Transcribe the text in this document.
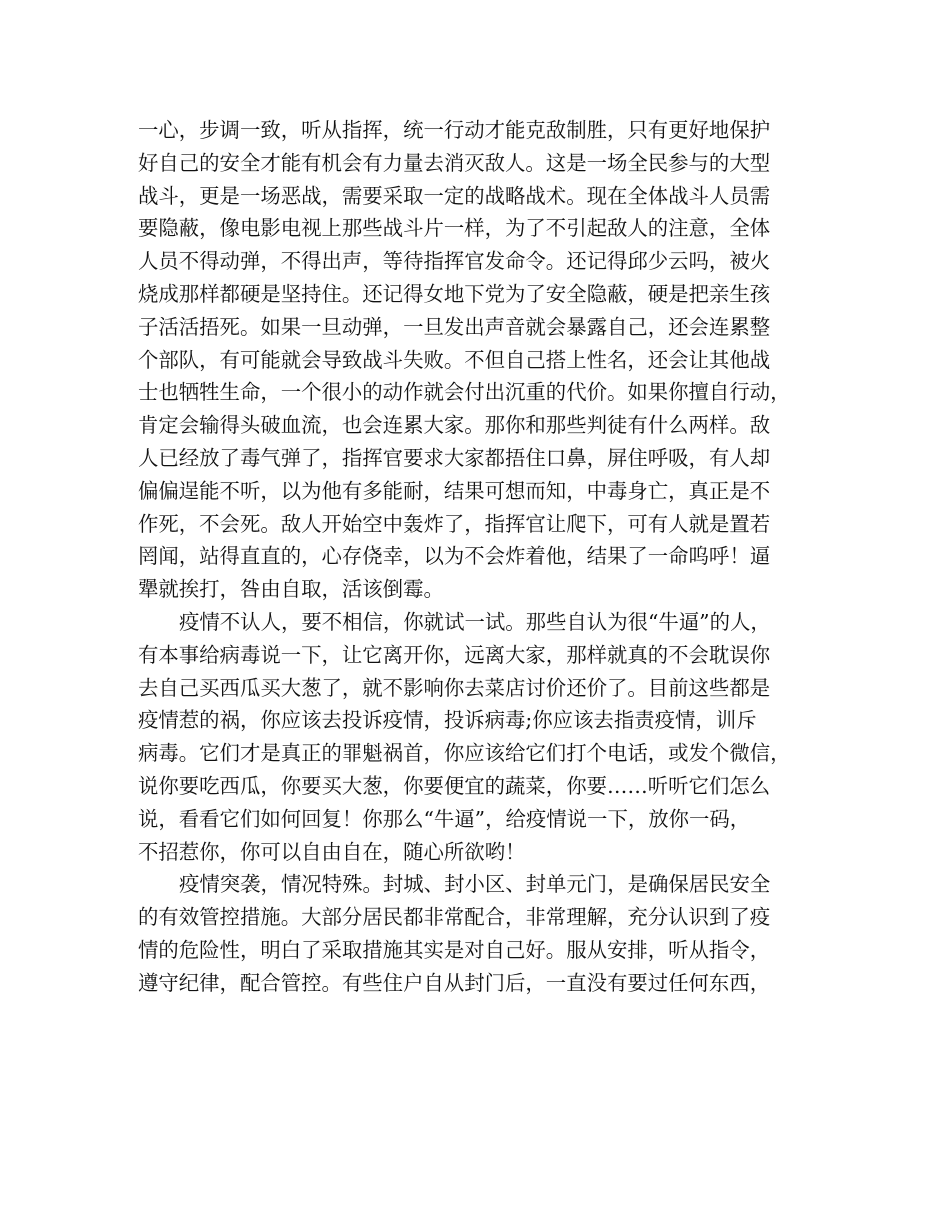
一心，步调一致，听从指挥，统一行动才能克敌制胜，只有更好地保护
好自己的安全才能有机会有力量去消灭敌人。这是一场全民参与的大型
战斗，更是一场恶战，需要采取一定的战略战术。现在全体战斗人员需
要隐蔽，像电影电视上那些战斗片一样，为了不引起敌人的注意，全体
人员不得动弹，不得出声，等待指挥官发命令。还记得邱少云吗，被火
烧成那样都硬是坚持住。还记得女地下党为了安全隐蔽，硬是把亲生孩
子活活捂死。如果一旦动弹，一旦发出声音就会暴露自己，还会连累整
个部队，有可能就会导致战斗失败。不但自己搭上性名，还会让其他战
士也牺牲生命，一个很小的动作就会付出沉重的代价。如果你擅自行动，
肯定会输得头破血流，也会连累大家。那你和那些判徒有什么两样。敌
人已经放了毒气弹了，指挥官要求大家都捂住口鼻，屏住呼吸，有人却
偏偏逞能不听，以为他有多能耐，结果可想而知，中毒身亡，真正是不
作死，不会死。敌人开始空中轰炸了，指挥官让爬下，可有人就是置若
罔闻，站得直直的，心存侥幸，以为不会炸着他，结果了一命呜呼！逼
犟就挨打，咎由自取，活该倒霉。
疫情不认人，要不相信，你就试一试。那些自认为很“牛逼”的人，
有本事给病毒说一下，让它离开你，远离大家，那样就真的不会耽误你
去自己买西瓜买大葱了，就不影响你去菜店讨价还价了。目前这些都是
疫情惹的祸，你应该去投诉疫情，投诉病毒;你应该去指责疫情，训斥
病毒。它们才是真正的罪魁祸首，你应该给它们打个电话，或发个微信，
说你要吃西瓜，你要买大葱，你要便宜的蔬菜，你要……听听它们怎么
说，看看它们如何回复！你那么“牛逼”，给疫情说一下，放你一码，
不招惹你，你可以自由自在，随心所欲哟！
疫情突袭，情况特殊。封城、封小区、封单元门，是确保居民安全
的有效管控措施。大部分居民都非常配合，非常理解，充分认识到了疫
情的危险性，明白了采取措施其实是对自己好。服从安排，听从指令，
遵守纪律，配合管控。有些住户自从封门后，一直没有要过任何东西，
